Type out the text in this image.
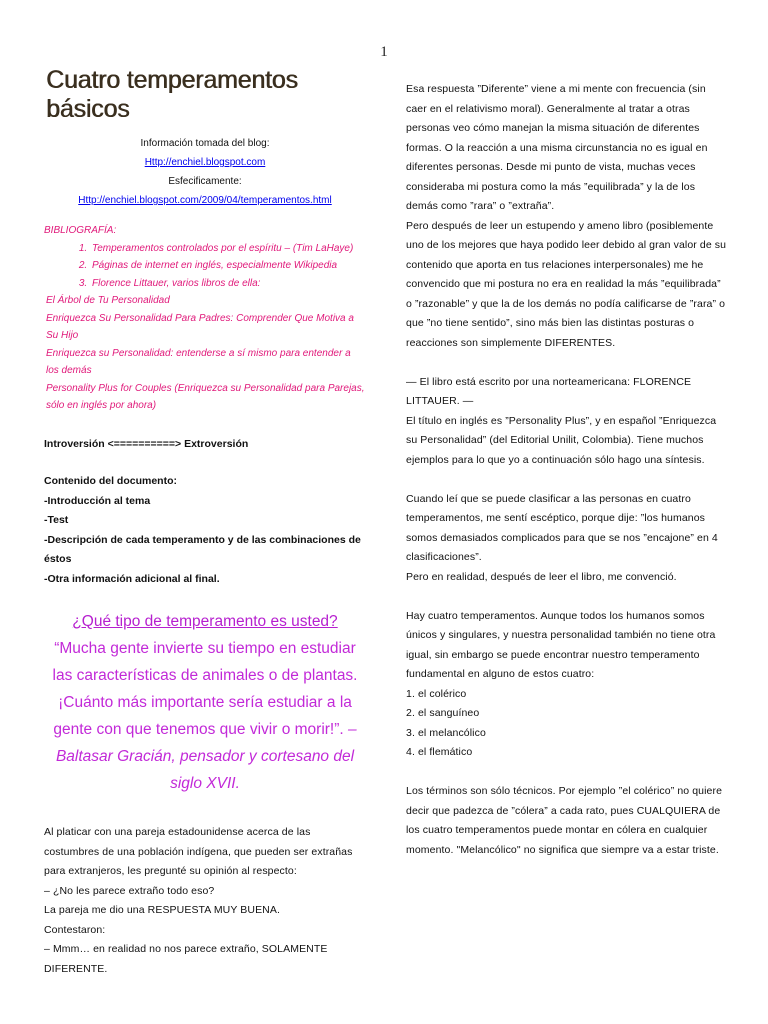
1
Cuatro temperamentos básicos
Información tomada del blog:
Http://enchiel.blogspot.com
Esfecificamente:
Http://enchiel.blogspot.com/2009/04/temperamentos.html
BIBLIOGRAFÍA:
1. Temperamentos controlados por el espíritu – (Tim LaHaye)
2. Páginas de internet en inglés, especialmente Wikipedia
3. Florence Littauer, varios libros de ella:
El Árbol de Tu Personalidad
Enriquezca Su Personalidad Para Padres: Comprender Que Motiva a Su Hijo
Enriquezca su Personalidad: entenderse a sí mismo para entender a los demás
Personality Plus for Couples (Enriquezca su Personalidad para Parejas, sólo en inglés por ahora)
Introversión <==========> Extroversión
Contenido del documento:
-Introducción al tema
-Test
-Descripción de cada temperamento y de las combinaciones de éstos
-Otra información adicional al final.
¿Qué tipo de temperamento es usted?
“Mucha gente invierte su tiempo en estudiar las características de animales o de plantas. ¡Cuánto más importante sería estudiar a la gente con que tenemos que vivir o morir!”. – Baltasar Gracián, pensador y cortesano del siglo XVII.
Al platicar con una pareja estadounidense acerca de las costumbres de una población indígena, que pueden ser extrañas para extranjeros, les pregunté su opinión al respecto:
– ¿No les parece extraño todo eso?
La pareja me dio una RESPUESTA MUY BUENA.
Contestaron:
– Mmm… en realidad no nos parece extraño, SOLAMENTE DIFERENTE.
Esa respuesta ”Diferente” viene a mi mente con frecuencia (sin caer en el relativismo moral). Generalmente al tratar a otras personas veo cómo manejan la misma situación de diferentes formas. O la reacción a una misma circunstancia no es igual en diferentes personas. Desde mi punto de vista, muchas veces consideraba mi postura como la más ”equilibrada” y la de los demás como ”rara” o ”extraña”.
Pero después de leer un estupendo y ameno libro (posiblemente uno de los mejores que haya podido leer debido al gran valor de su contenido que aporta en tus relaciones interpersonales) me he convencido que mi postura no era en realidad la más ”equilibrada” o ”razonable” y que la de los demás no podía calificarse de ”rara” o que ”no tiene sentido”, sino más bien las distintas posturas o reacciones son simplemente DIFERENTES.
— El libro está escrito por una norteamericana: FLORENCE LITTAUER. —
El título en inglés es ”Personality Plus”, y en español ”Enriquezca su Personalidad” (del Editorial Unilit, Colombia). Tiene muchos ejemplos para lo que yo a continuación sólo hago una síntesis.
Cuando leí que se puede clasificar a las personas en cuatro temperamentos, me sentí escéptico, porque dije: ”los humanos somos demasiados complicados para que se nos ”encajone” en 4 clasificaciones”.
Pero en realidad, después de leer el libro, me convenció.
Hay cuatro temperamentos. Aunque todos los humanos somos únicos y singulares, y nuestra personalidad también no tiene otra igual, sin embargo se puede encontrar nuestro temperamento fundamental en alguno de estos cuatro:
1. el colérico
2. el sanguíneo
3. el melancólico
4. el flemático
Los términos son sólo técnicos. Por ejemplo ”el colérico” no quiere decir que padezca de ”cólera” a cada rato, pues CUALQUIERA de los cuatro temperamentos puede montar en cólera en cualquier momento. "Melancólico" no significa que siempre va a estar triste.
